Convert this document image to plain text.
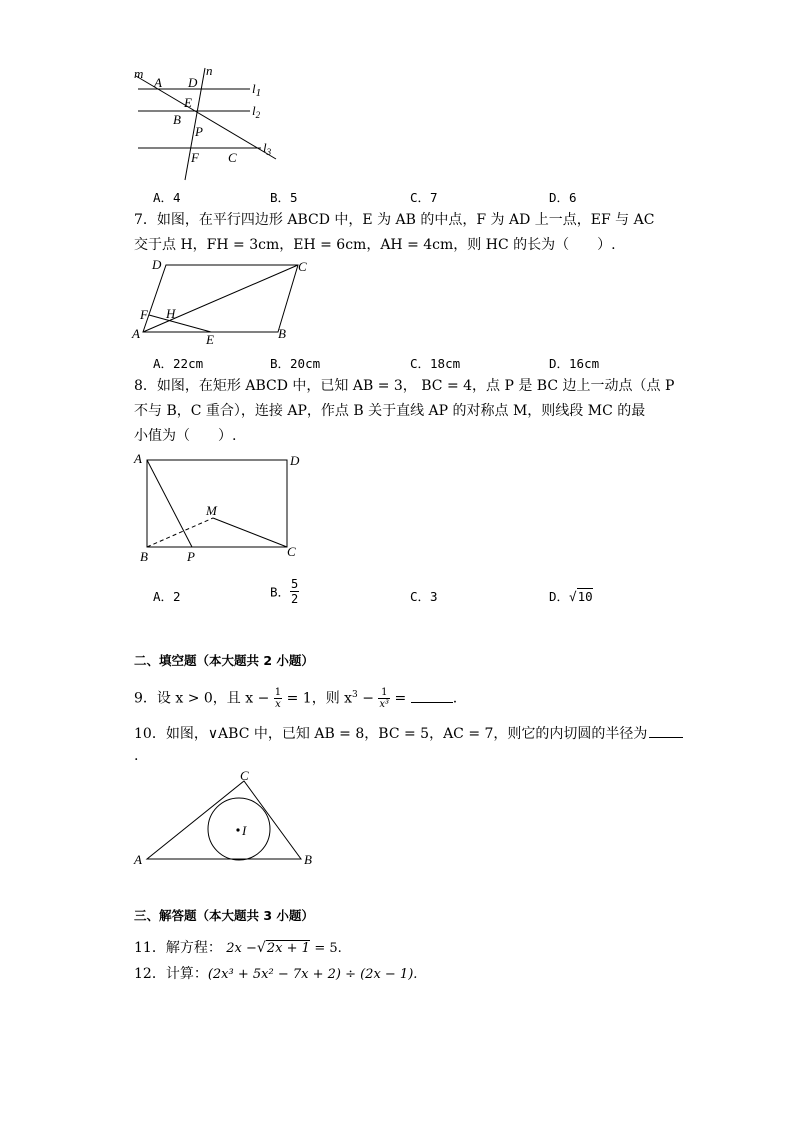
m	n
A D
E
B
P
F C
$l_1$
$l_2$
$l_3$
A．4	B．5	C．7	D．6
7．如图，在平行四边形 ABCD 中，E 为 AB 的中点，F 为 AD 上一点，EF 与 AC
交于点 H，FH = 3cm，EH = 6cm，AH = 4cm，则 HC 的长为（　　）.
D	C
F H
A	E	B
A．22cm	B．20cm	C．18cm	D．16cm
8．如图，在矩形 ABCD 中，已知 AB = 3， BC = 4，点 P 是 BC 边上一动点（点 P
不与 B，C 重合），连接 AP，作点 B 关于直线 AP 的对称点 M，则线段 MC 的最
小值为（　　）.
A	D
M
B	P	C
A．2	B． $\frac{5}{2}$	C．3	D．√10
二、填空题（本大题共 2 小题）
9．设 x > 0，且 $x - \frac{1}{x} = 1$，则 $x^3 - \frac{1}{\text{x³}}$ =	.
10．如图，∨ABC 中，已知 AB = 8，BC = 5，AC = 7，则它的内切圆的半径为
.
C
I
A	B
三、解答题（本大题共 3 小题）
11．解方程： 2x −√2x + 1 = 5.
12．计算：(2x³ + 5x² − 7x + 2) ÷ (2x − 1).
